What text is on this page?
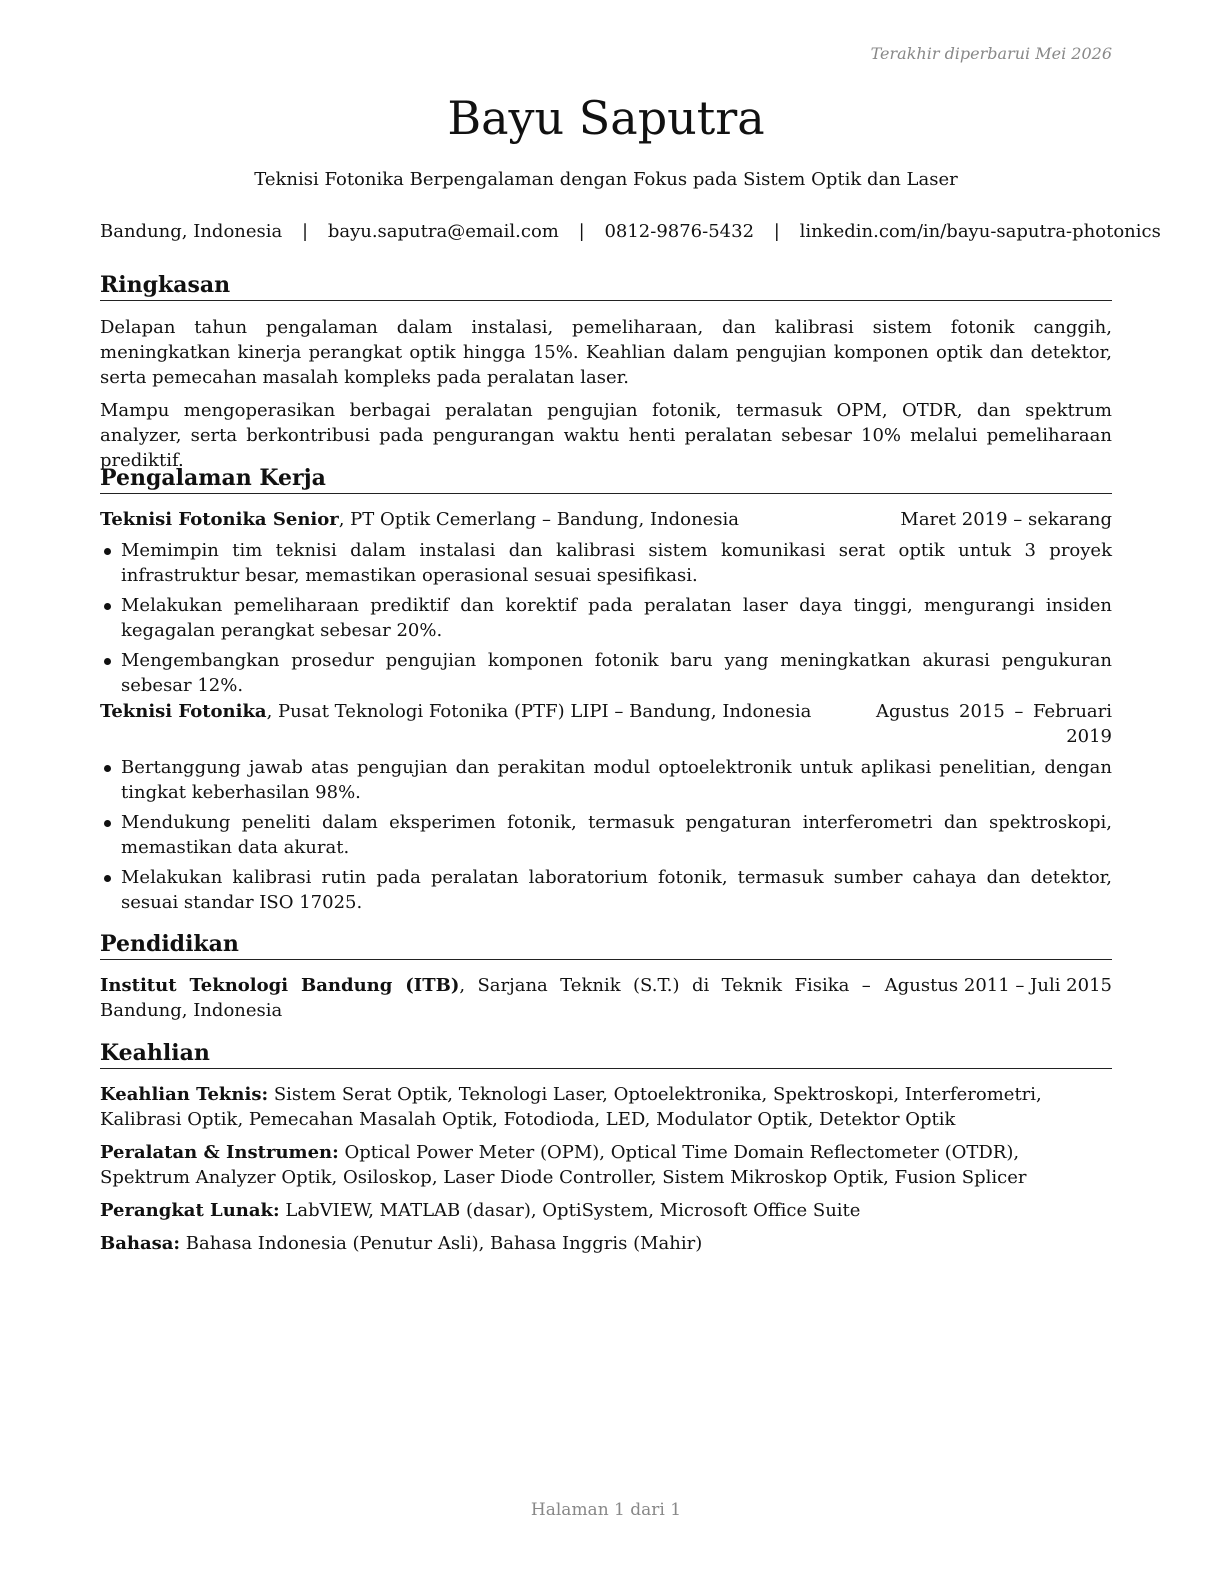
Terakhir diperbarui Mei 2026
Bayu Saputra
Teknisi Fotonika Berpengalaman dengan Fokus pada Sistem Optik dan Laser
Bandung, Indonesia | bayu.saputra@email.com | 0812-9876-5432 | linkedin.com/in/bayu-saputra-photonics
Ringkasan

Delapan tahun pengalaman dalam instalasi, pemeliharaan, dan kalibrasi sistem fotonik canggih, meningkatkan kinerja perangkat optik hingga 15%. Keahlian dalam pengujian komponen optik dan detektor, serta pemecahan masalah kompleks pada peralatan laser.

Mampu mengoperasikan berbagai peralatan pengujian fotonik, termasuk OPM, OTDR, dan spektrum analyzer, serta berkontribusi pada pengurangan waktu henti peralatan sebesar 10% melalui pemeliharaan prediktif.

Pengalaman Kerja
Teknisi Fotonika Senior, PT Optik Cemerlang – Bandung, Indonesia	Maret 2019 – sekarang
Memimpin tim teknisi dalam instalasi dan kalibrasi sistem komunikasi serat optik untuk 3 proyek infrastruktur besar, memastikan operasional sesuai spesifikasi.
Melakukan pemeliharaan prediktif dan korektif pada peralatan laser daya tinggi, mengurangi insiden kegagalan perangkat sebesar 20%.
Mengembangkan prosedur pengujian komponen fotonik baru yang meningkatkan akurasi pengukuran sebesar 12%.
Teknisi Fotonika, Pusat Teknologi Fotonika (PTF) LIPI – Bandung, Indonesia	Agustus 2015 – Februari 2019
Bertanggung jawab atas pengujian dan perakitan modul optoelektronik untuk aplikasi penelitian, dengan tingkat keberhasilan 98%.
Mendukung peneliti dalam eksperimen fotonik, termasuk pengaturan interferometri dan spektroskopi, memastikan data akurat.
Melakukan kalibrasi rutin pada peralatan laboratorium fotonik, termasuk sumber cahaya dan detektor, sesuai standar ISO 17025.
Pendidikan
Institut Teknologi Bandung (ITB), Sarjana Teknik (S.T.) di Teknik Fisika – Bandung, Indonesia
Agustus 2011 – Juli 2015
Keahlian
Keahlian Teknis: Sistem Serat Optik, Teknologi Laser, Optoelektronika, Spektroskopi, Interferometri, Kalibrasi Optik, Pemecahan Masalah Optik, Fotodioda, LED, Modulator Optik, Detektor Optik
Peralatan & Instrumen: Optical Power Meter (OPM), Optical Time Domain Reflectometer (OTDR), Spektrum Analyzer Optik, Osiloskop, Laser Diode Controller, Sistem Mikroskop Optik, Fusion Splicer
Perangkat Lunak: LabVIEW, MATLAB (dasar), OptiSystem, Microsoft Office Suite
Bahasa: Bahasa Indonesia (Penutur Asli), Bahasa Inggris (Mahir)
Halaman 1 dari 1
